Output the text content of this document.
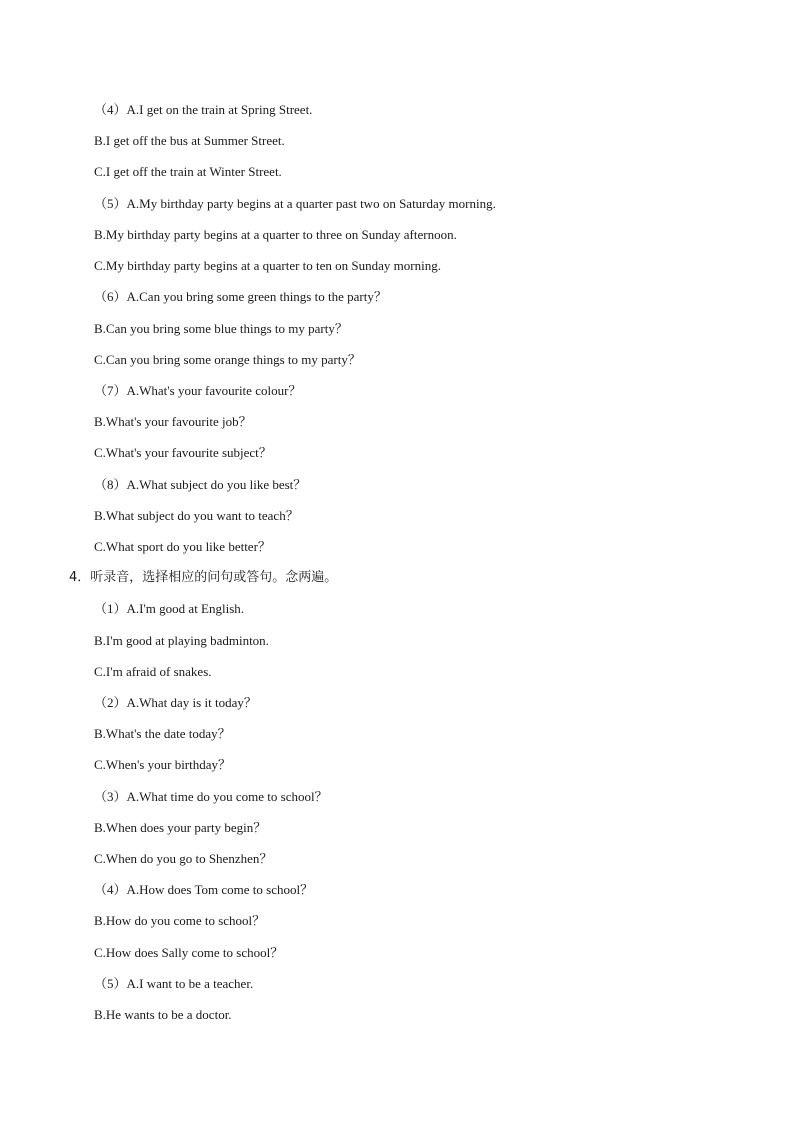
（4）A.I get on the train at Spring Street.
B.I get off the bus at Summer Street.
C.I get off the train at Winter Street.
（5）A.My birthday party begins at a quarter past two on Saturday morning.
B.My birthday party begins at a quarter to three on Sunday afternoon.
C.My birthday party begins at a quarter to ten on Sunday morning.
（6）A.Can you bring some green things to the party？
B.Can you bring some blue things to my party？
C.Can you bring some orange things to my party？
（7）A.What's your favourite colour？
B.What's your favourite job？
C.What's your favourite subject？
（8）A.What subject do you like best？
B.What subject do you want to teach？
C.What sport do you like better？
4．听录音，选择相应的问句或答句。念两遍。
（1）A.I'm good at English.
B.I'm good at playing badminton.
C.I'm afraid of snakes.
（2）A.What day is it today？
B.What's the date today？
C.When's your birthday？
（3）A.What time do you come to school？
B.When does your party begin？
C.When do you go to Shenzhen？
（4）A.How does Tom come to school？
B.How do you come to school？
C.How does Sally come to school？
（5）A.I want to be a teacher.
B.He wants to be a doctor.
